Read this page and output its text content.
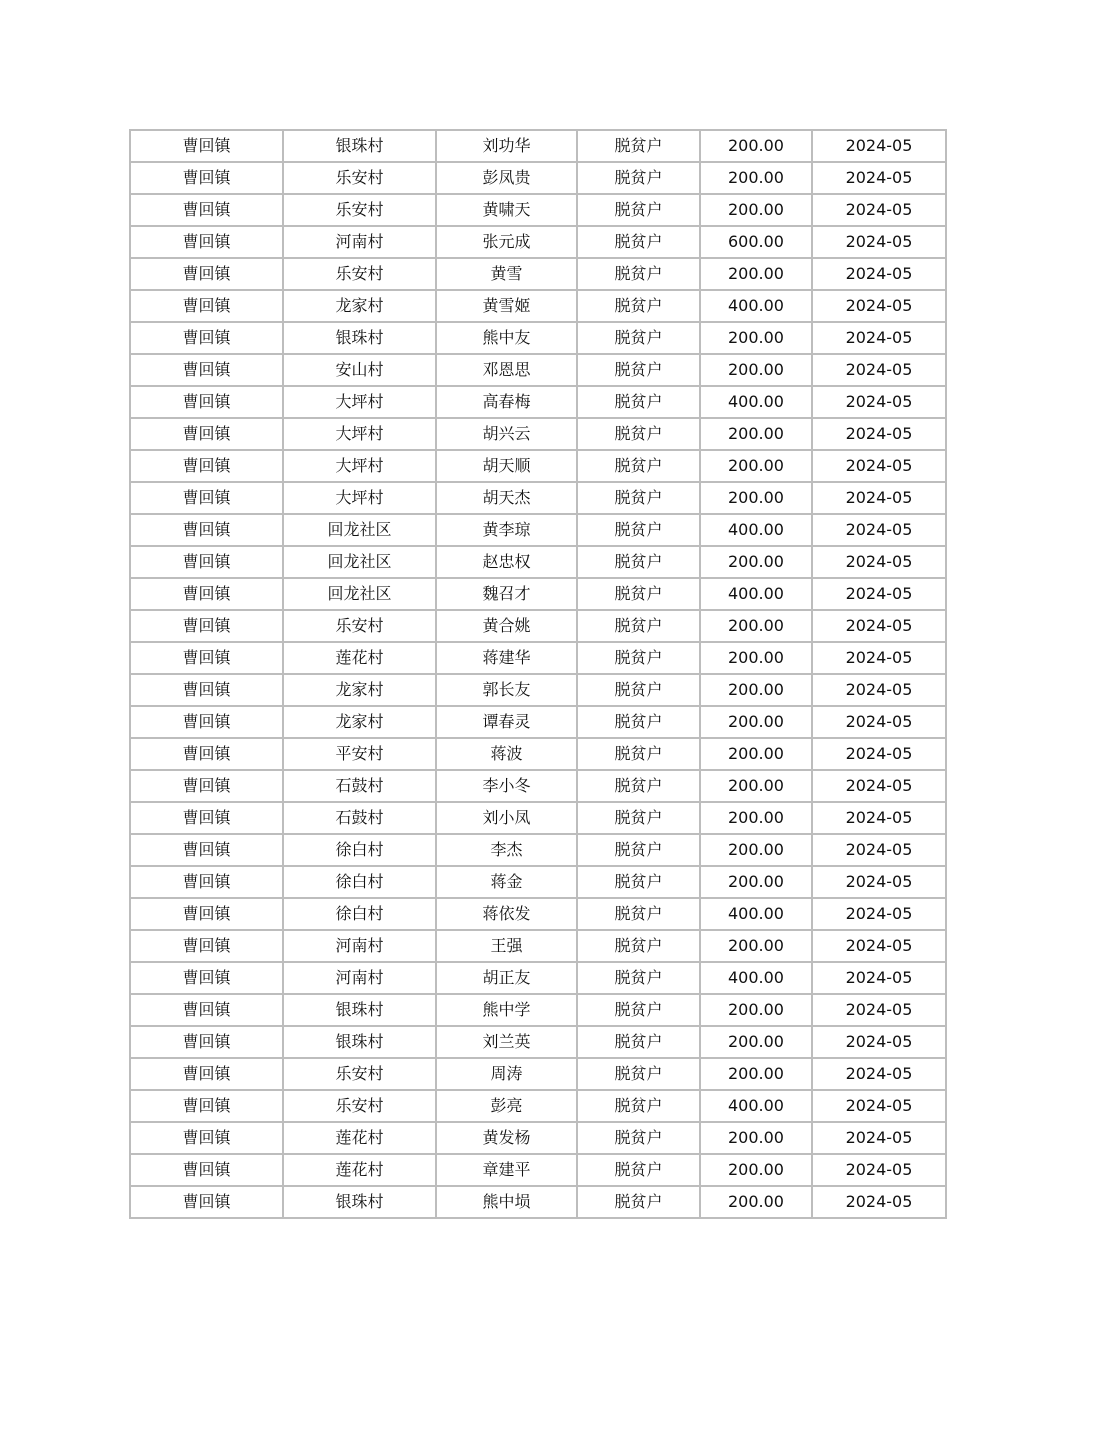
曹回镇	银珠村	刘功华	脱贫户	200.00	2024-05
曹回镇	乐安村	彭凤贵	脱贫户	200.00	2024-05
曹回镇	乐安村	黄啸天	脱贫户	200.00	2024-05
曹回镇	河南村	张元成	脱贫户	600.00	2024-05
曹回镇	乐安村	黄雪	脱贫户	200.00	2024-05
曹回镇	龙家村	黄雪姬	脱贫户	400.00	2024-05
曹回镇	银珠村	熊中友	脱贫户	200.00	2024-05
曹回镇	安山村	邓恩思	脱贫户	200.00	2024-05
曹回镇	大坪村	高春梅	脱贫户	400.00	2024-05
曹回镇	大坪村	胡兴云	脱贫户	200.00	2024-05
曹回镇	大坪村	胡天顺	脱贫户	200.00	2024-05
曹回镇	大坪村	胡天杰	脱贫户	200.00	2024-05
曹回镇	回龙社区	黄李琼	脱贫户	400.00	2024-05
曹回镇	回龙社区	赵忠权	脱贫户	200.00	2024-05
曹回镇	回龙社区	魏召才	脱贫户	400.00	2024-05
曹回镇	乐安村	黄合姚	脱贫户	200.00	2024-05
曹回镇	莲花村	蒋建华	脱贫户	200.00	2024-05
曹回镇	龙家村	郭长友	脱贫户	200.00	2024-05
曹回镇	龙家村	谭春灵	脱贫户	200.00	2024-05
曹回镇	平安村	蒋波	脱贫户	200.00	2024-05
曹回镇	石鼓村	李小冬	脱贫户	200.00	2024-05
曹回镇	石鼓村	刘小凤	脱贫户	200.00	2024-05
曹回镇	徐白村	李杰	脱贫户	200.00	2024-05
曹回镇	徐白村	蒋金	脱贫户	200.00	2024-05
曹回镇	徐白村	蒋依发	脱贫户	400.00	2024-05
曹回镇	河南村	王强	脱贫户	200.00	2024-05
曹回镇	河南村	胡正友	脱贫户	400.00	2024-05
曹回镇	银珠村	熊中学	脱贫户	200.00	2024-05
曹回镇	银珠村	刘兰英	脱贫户	200.00	2024-05
曹回镇	乐安村	周涛	脱贫户	200.00	2024-05
曹回镇	乐安村	彭亮	脱贫户	400.00	2024-05
曹回镇	莲花村	黄发杨	脱贫户	200.00	2024-05
曹回镇	莲花村	章建平	脱贫户	200.00	2024-05
曹回镇	银珠村	熊中埙	脱贫户	200.00	2024-05
